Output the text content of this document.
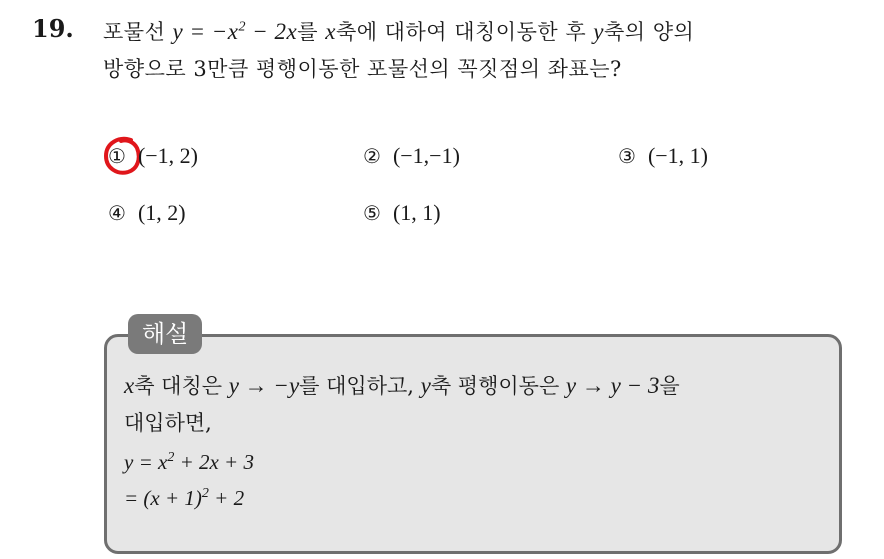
19. 포물선 $y = -x^2 - 2x$를 x축에 대하여 대칭이동한 후 y축의 양의
방향으로 3만큼 평행이동한 포물선의 꼭짓점의 좌표는?
① (−1, 2)	② (−1,−1)	③ (−1, 1)
④ (1, 2)	⑤ (1, 1)
해설
x축 대칭은 y → −y를 대입하고, y축 평행이동은 y → y − 3을
대입하면,
$y = x^2 + 2x + 3$
= $(x + 1)^2 + 2$
